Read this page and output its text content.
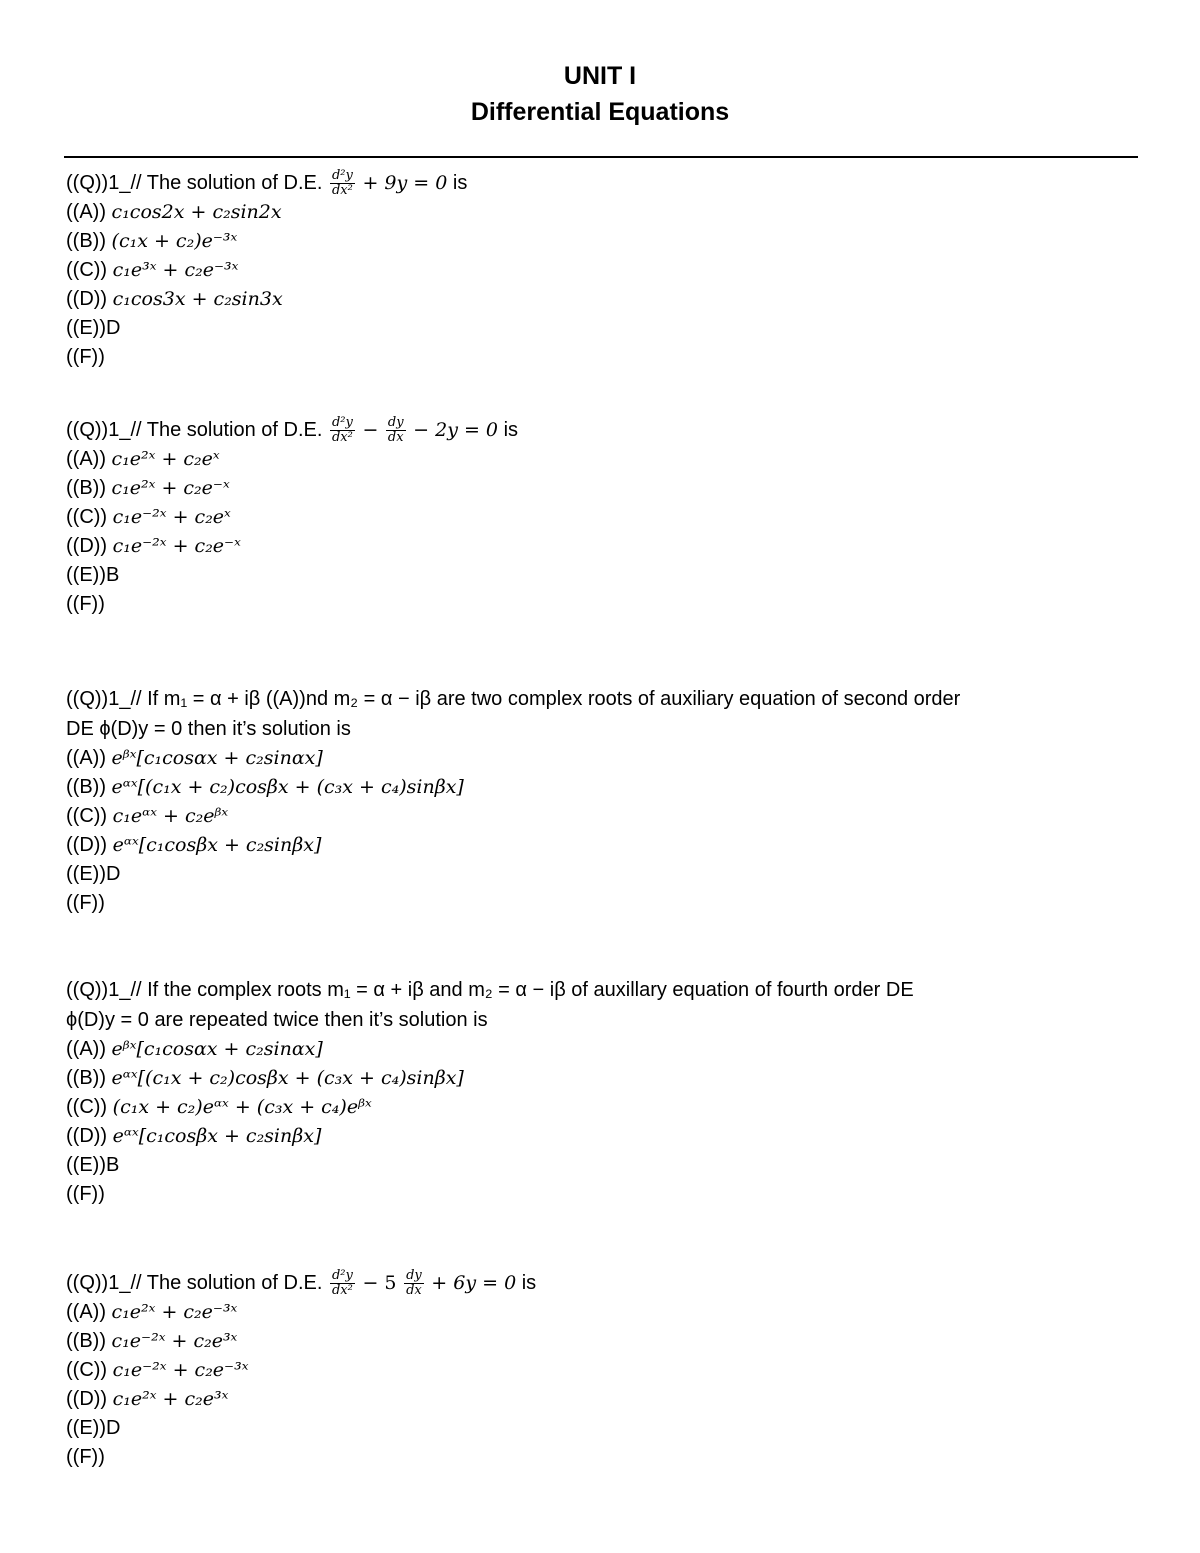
UNIT I
Differential Equations
((Q))1_// The solution of D.E. $\frac{\text{d²y}}{\text{dx²}} + 9y = 0$ is
((A)) c₁cos2x + c₂sin2x
((B)) (c₁x + c₂)e⁻³ˣ
((C)) c₁e³ˣ + c₂e⁻³ˣ
((D)) c₁cos3x + c₂sin3x
((E))D
((F))
((Q))1_// The solution of D.E. $\frac{\text{d²y}}{\text{dx²}} - \frac{dy}{dx} - 2y = 0$ is
((A)) c₁e²ˣ + c₂eˣ
((B)) c₁e²ˣ + c₂e⁻ˣ
((C)) c₁e⁻²ˣ + c₂eˣ
((D)) c₁e⁻²ˣ + c₂e⁻ˣ
((E))B
((F))
((Q))1_// If m₁ = α + iβ ((A))nd m₂ = α − iβ are two complex roots of auxiliary equation of second order
DE ϕ(D)y = 0 then it’s solution is
((A)) eᵝˣ[c₁cosαx + c₂sinαx]
((B)) eᵅˣ[(c₁x + c₂)cosβx + (c₃x + c₄)sinβx]
((C)) c₁eᵅˣ + c₂eᵝˣ
((D)) eᵅˣ[c₁cosβx + c₂sinβx]
((E))D
((F))
((Q))1_// If the complex roots m₁ = α + iβ and m₂ = α − iβ of auxillary equation of fourth order DE
ϕ(D)y = 0 are repeated twice then it’s solution is
((A)) eᵝˣ[c₁cosαx + c₂sinαx]
((B)) eᵅˣ[(c₁x + c₂)cosβx + (c₃x + c₄)sinβx]
((C)) (c₁x + c₂)eᵅˣ + (c₃x + c₄)eᵝˣ
((D)) eᵅˣ[c₁cosβx + c₂sinβx]
((E))B
((F))
((Q))1_// The solution of D.E. $\frac{\text{d²y}}{\text{dx²}} - 5 \frac{dy}{dx} + 6y = 0$ is
((A)) c₁e²ˣ + c₂e⁻³ˣ
((B)) c₁e⁻²ˣ + c₂e³ˣ
((C)) c₁e⁻²ˣ + c₂e⁻³ˣ
((D)) c₁e²ˣ + c₂e³ˣ
((E))D
((F))
